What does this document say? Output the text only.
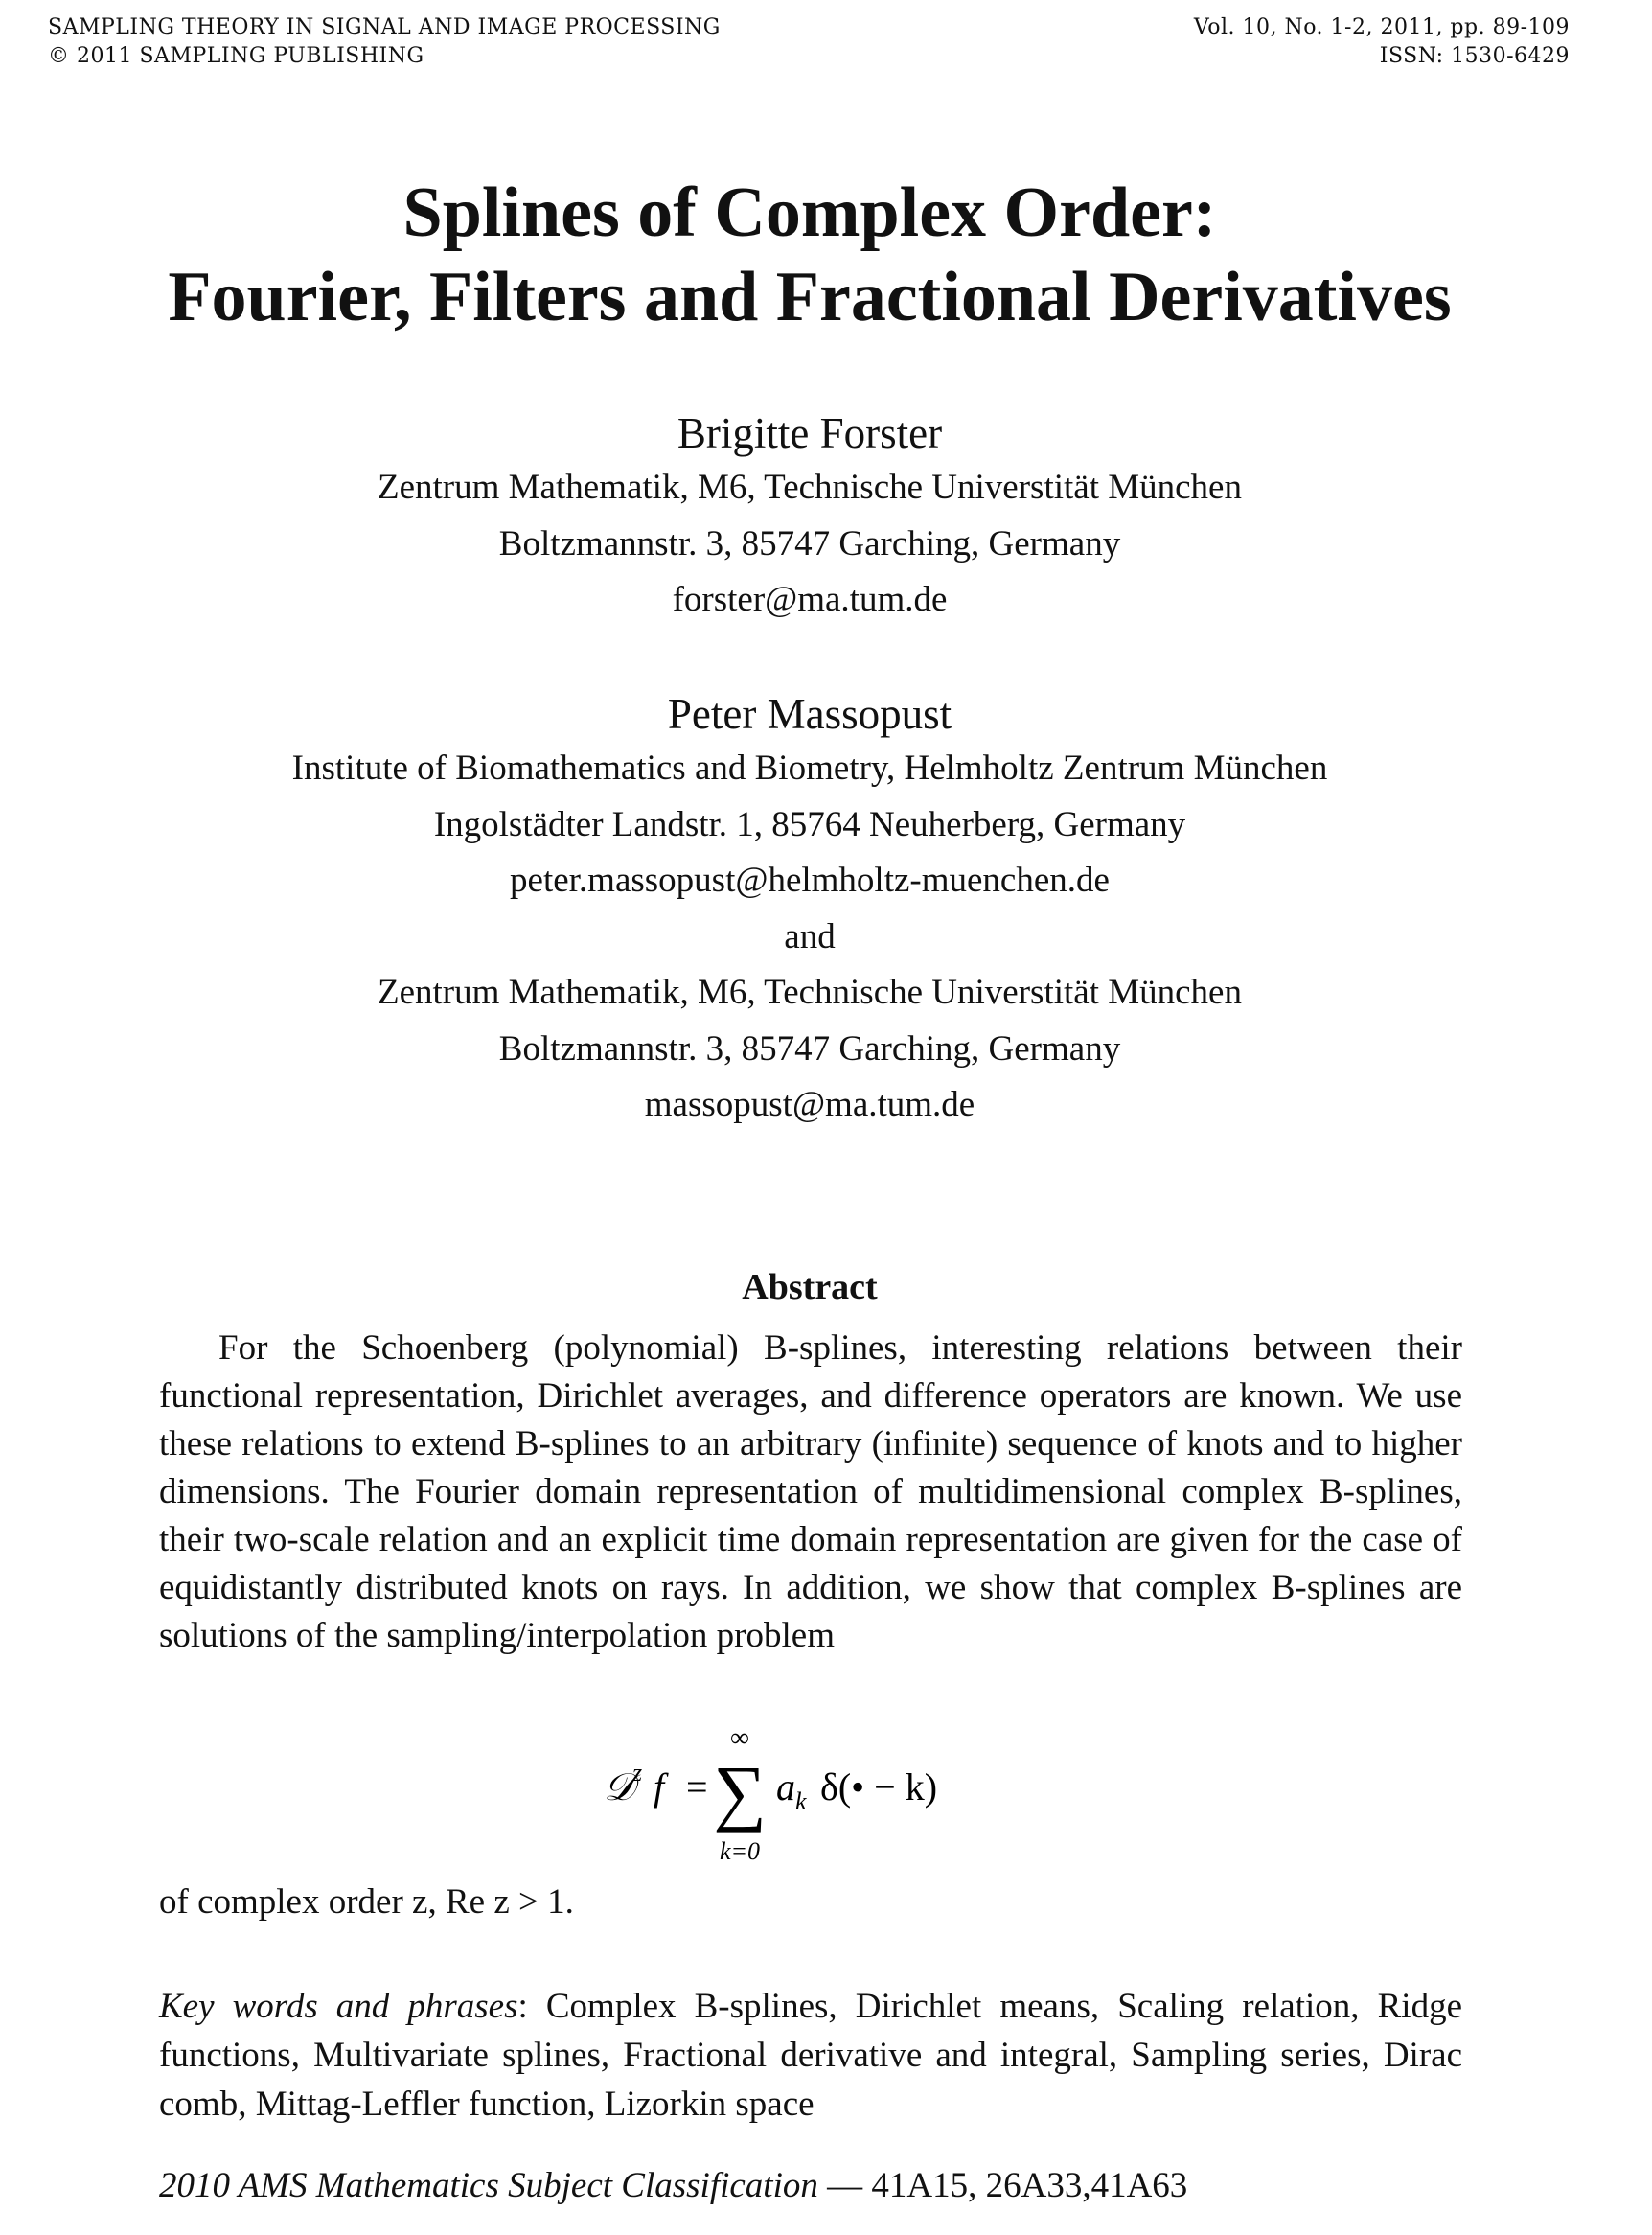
SAMPLING THEORY IN SIGNAL AND IMAGE PROCESSING
© 2011 SAMPLING PUBLISHING
Vol. 10, No. 1-2, 2011, pp. 89-109
ISSN: 1530-6429
Splines of Complex Order:
Fourier, Filters and Fractional Derivatives
Brigitte Forster
Zentrum Mathematik, M6, Technische Universtität München
Boltzmannstr. 3, 85747 Garching, Germany
forster@ma.tum.de
Peter Massopust
Institute of Biomathematics and Biometry, Helmholtz Zentrum München
Ingolstädter Landstr. 1, 85764 Neuherberg, Germany
peter.massopust@helmholtz-muenchen.de
and
Zentrum Mathematik, M6, Technische Universtität München
Boltzmannstr. 3, 85747 Garching, Germany
massopust@ma.tum.de
Abstract
For the Schoenberg (polynomial) B-splines, interesting relations between their functional representation, Dirichlet averages, and difference operators are known. We use these relations to extend B-splines to an arbitrary (infinite) sequence of knots and to higher dimensions. The Fourier domain representation of multidimensional complex B-splines, their two-scale relation and an explicit time domain representation are given for the case of equidistantly distributed knots on rays. In addition, we show that complex B-splines are solutions of the sampling/interpolation problem
𝒟
z f =
∞
∑
k=0
a k δ(• − k)
of complex order z, Re z > 1.
Key words and phrases: Complex B-splines, Dirichlet means, Scaling relation, Ridge functions, Multivariate splines, Fractional derivative and integral, Sampling series, Dirac comb, Mittag-Leffler function, Lizorkin space
2010 AMS Mathematics Subject Classification — 41A15, 26A33,41A63
